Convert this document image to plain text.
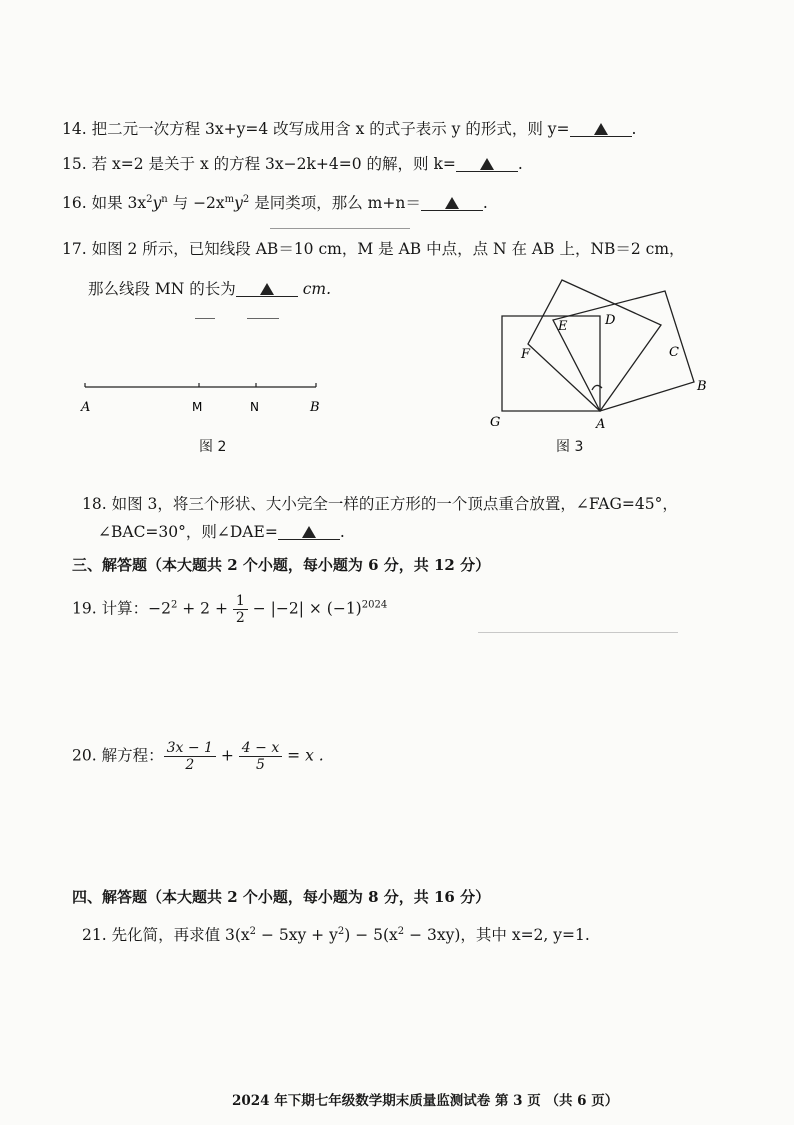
14. 把二元一次方程 3x+y=4 改写成用含 x 的式子表示 y 的形式，则 y=	.
15. 若 x=2 是关于 x 的方程 3x−2k+4=0 的解，则 k=	.
16. 如果 $3x^2y^n$ 与 $-2x^my^2$ 是同类项，那么 m+n＝	.
17. 如图 2 所示，已知线段 AB＝10 cm，M 是 AB 中点，点 N 在 AB 上，NB＝2 cm，
那么线段 MN 的长为	cm.
A	M	N	B
图 2
E	D
F	C
B
G	A
图 3
18. 如图 3，将三个形状、大小完全一样的正方形的一个顶点重合放置，∠FAG=45°，
∠BAC=30°，则∠DAE=	.
三、解答题（本大题共 2 个小题，每小题为 6 分，共 12 分）
19. 计算：$-2^2 + 2 + \frac{1}{2} - |-2| \times (-1)^{2024}$
20. 解方程： $\frac{3x - 1}{2} + \frac{4 - x}{5} = x$ .
四、解答题（本大题共 2 个小题，每小题为 8 分，共 16 分）
21. 先化简，再求值 $3(x^2 - 5xy + y^2) - 5(x^2 - 3xy)$，其中 x=2, y=1.
2024 年下期七年级数学期末质量监测试卷 第 3 页 （共 6 页）
